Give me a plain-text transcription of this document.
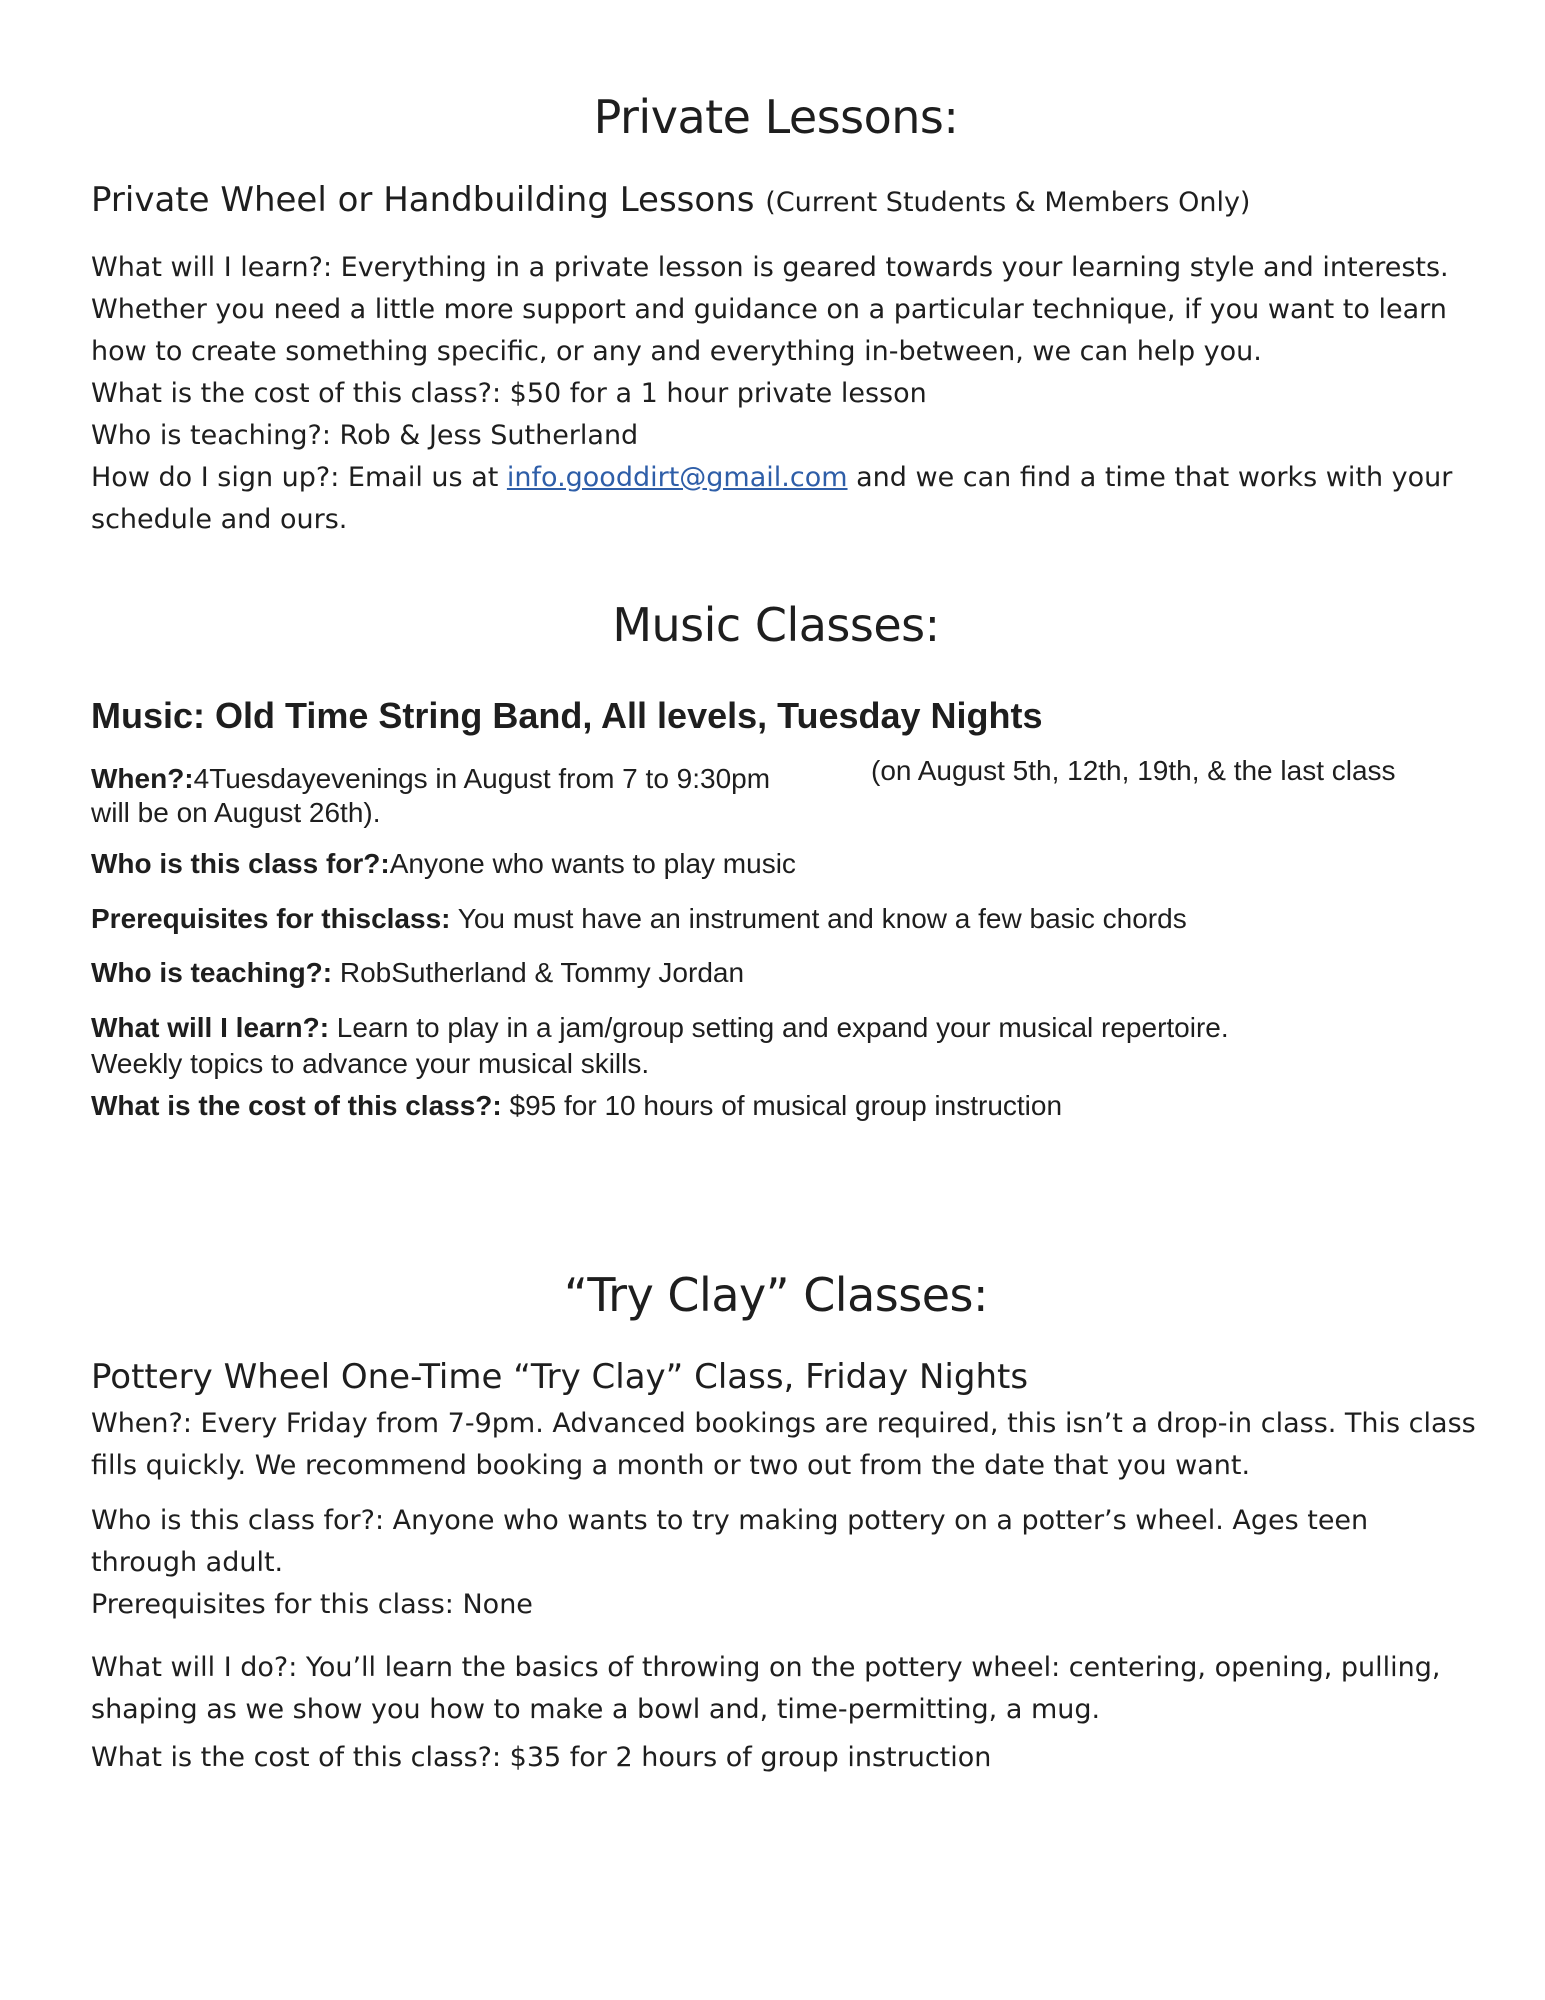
Private Lessons:
Private Wheel or Handbuilding Lessons (Current Students & Members Only)
What will I learn?: Everything in a private lesson is geared towards your learning style and interests.
Whether you need a little more support and guidance on a particular technique, if you want to learn
how to create something specific, or any and everything in-between, we can help you.
What is the cost of this class?: $50 for a 1 hour private lesson
Who is teaching?: Rob & Jess Sutherland
How do I sign up?: Email us at info.gooddirt@gmail.com and we can find a time that works with your
schedule and ours.
Music Classes:
Music: Old Time String Band, All levels, Tuesday Nights
When?:4Tuesdayevenings in August from 7 to 9:30pm	(on August 5th, 12th, 19th, & the last class
will be on August 26th).
Who is this class for?:Anyone who wants to play music
Prerequisites for thisclass: You must have an instrument and know a few basic chords
Who is teaching?: RobSutherland & Tommy Jordan
What will I learn?: Learn to play in a jam/group setting and expand your musical repertoire.
Weekly topics to advance your musical skills.
What is the cost of this class?: $95 for 10 hours of musical group instruction
“Try Clay” Classes:
Pottery Wheel One-Time “Try Clay” Class, Friday Nights
When?: Every Friday from 7-9pm. Advanced bookings are required, this isn’t a drop-in class. This class
fills quickly. We recommend booking a month or two out from the date that you want.
Who is this class for?: Anyone who wants to try making pottery on a potter’s wheel. Ages teen
through adult.
Prerequisites for this class: None
What will I do?: You’ll learn the basics of throwing on the pottery wheel: centering, opening, pulling,
shaping as we show you how to make a bowl and, time-permitting, a mug.
What is the cost of this class?: $35 for 2 hours of group instruction
